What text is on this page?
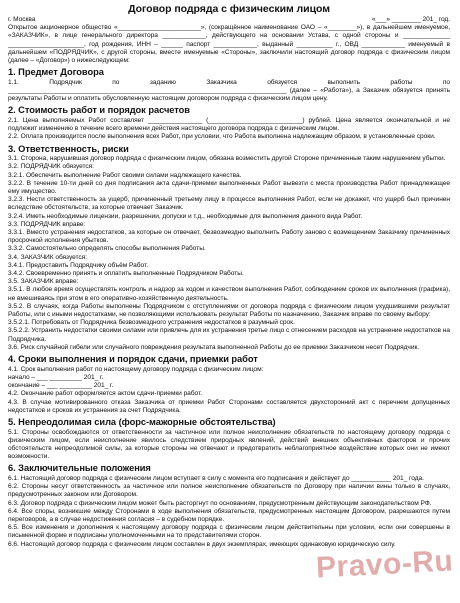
Договор подряда с физическим лицом
г. Москва	«___» ________ 201_ год.

Открытое акционерное общество «_______________________», (сокращённое наименование ОАО – «________»), в дальнейшем именуемое, «ЗАКАЗЧИК», в лице генерального директора ____________, действующего на основании Устава, с одной стороны и _____________ _____________________, год рождения, ИНН – ______ паспорт ____________, выданный __________ г., ОВД ____________ именуемый в дальнейшем «ПОДРЯДЧИК», с другой стороны, вместе именуемые «Стороны», заключили настоящий договор подряда с физическим лицом (далее – «Договор») о нижеследующем:

1. Предмет Договора

1.1. Подрядчик по заданию Заказчика обязуется выполнить работы по _____________________________________________________________________________ (далее – «Работа»), а Заказчик обязуется принять результаты Работы и оплатить обусловленную настоящим договором подряда с физическим лицом цену.

2. Стоимость работ и порядок расчетов

2.1. Цена выполняемых Работ составляет _______________ (__________________________) рублей. Цена является окончательной и не подлежит изменению в течение всего времени действия настоящего договора подряда с физическим лицом.

2.2. Оплата производится после выполнения всех Работ, при условии, что Работа выполнена надлежащим образом, в установленные сроки.

3. Ответственность, риски

3.1. Сторона, нарушившая договор подряда с физическим лицом, обязана возместить другой Стороне причиненные таким нарушением убытки.

3.2. ПОДРЯДЧИК обязуется:

3.2.1. Обеспечить выполнение Работ своими силами надлежащего качества.

3.2.2. В течение 10-ти дней со дня подписания акта сдачи-приемки выполненных Работ вывезти с места производства Работ принадлежащее ему имущество.

3.2.3. Нести ответственность за ущерб, причиненный третьему лицу в процессе выполнения Работ, если не докажет, что ущерб был причинен вследствие обстоятельств, за которые отвечает Заказчик.

3.2.4. Иметь необходимые лицензии, разрешении, допуски и т.д., необходимые для выполнения данного вида Работ.

3.3. ПОДРЯДЧИК вправе:

3.3.1. Вместо устранения недостатков, за которые он отвечает, безвозмездно выполнить Работу заново с возмещением Заказчику причиненных просрочкой исполнения убытков.

3.3.2. Самостоятельно определять способы выполнения Работы.

3.4. ЗАКАЗЧИК обязуется:

3.4.1. Предоставить Подрядчику объём Работ.

3.4.2. Своевременно принять и оплатить выполненные Подрядчиком Работы.

3.5. ЗАКАЗЧИК вправе:

3.5.1. В любое время осуществлять контроль и надзор за ходом и качеством выполнения Работ, соблюдением сроков их выполнения (графика), не вмешиваясь при этом в его оперативно-хозяйственную деятельность.

3.5.2. В случаях, когда Работы выполнены Подрядчиком с отступлениями от договора подряда с физическим лицом ухудшившими результат Работы, или с иными недостатками, не позволяющими использовать результат Работы по назначению, Заказчик вправе по своему выбору:

3.5.2.1. Потребовать от Подрядчика безвозмездного устранения недостатков в разумный срок.

3.5.2.2. Устранить недостатки своими силами или привлечь для их устранения третье лицо с отнесением расходов на устранение недостатков на Подрядчика.

3.6. Риск случайной гибели или случайного повреждения результата выполненной Работы до ее приемки Заказчиком несет Подрядчик.

4. Сроки выполнения и порядок сдачи, приемки работ

4.1. Срок выполнения работ по настоящему договору подряда с физическим лицом:

начало – ___ _________ 201_ г.

окончание – ___ _________ 201_ г.

4.2. Окончание работ оформляется актом сдачи-приемки работ.

4.3. В случае мотивированного отказа Заказчика от приемки Работ Сторонами составляется двухсторонний акт с перечнем допущенных недостатков и сроков их устранения за счет Подрядчика.

5. Непреодолимая сила (форс-мажорные обстоятельства)

5.1. Стороны освобождаются от ответственности за частичное или полное неисполнение обязательств по настоящему договору подряда с физическим лицом, если неисполнение явилось следствием природных явлений, действий внешних объективных факторов и прочих обстоятельств непреодолимой силы, за которые стороны не отвечают и предотвратить неблагоприятное воздействие которых они не имеют возможности.

6. Заключительные положения

6.1. Настоящий договор подряда с физическим лицом вступает в силу с момента его подписания и действует до ___________ 201_ года.

6.2. Стороны несут ответственность за частичное или полное неисполнение обязательств по Договору при наличии вины только в случаях, предусмотренных законом или Договором.

6.3. Договор подряда с физическим лицом может быть расторгнут по основаниям, предусмотренным действующим законодательством РФ.

6.4. Все споры, возникшие между Сторонами в ходе выполнения обязательств, предусмотренных настоящим Договором, разрешаются путем переговоров, а в случае недостижения согласия – в судебном порядке.

6.5. Все изменения и дополнения к настоящему договору подряда с физическим лицом действительны при условии, если они совершены в письменной форме и подписаны уполномоченными на то представителями сторон.

6.6. Настоящий договор подряда с физическим лицом составлен в двух экземплярах, имеющих одинаковую юридическую силу.

Pravo-Ru
